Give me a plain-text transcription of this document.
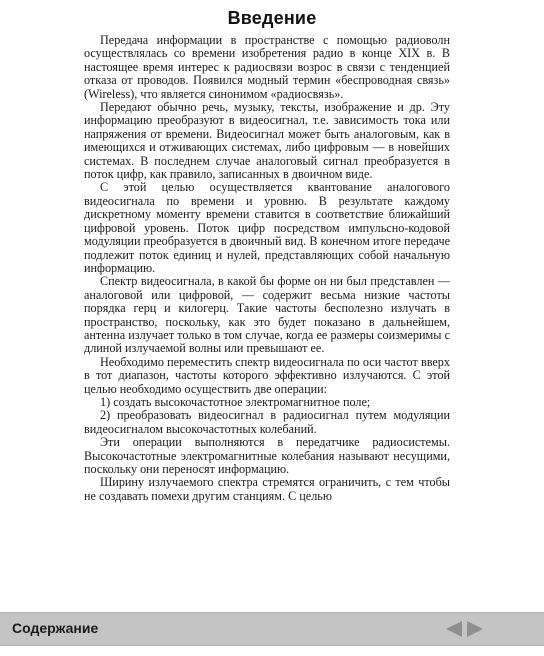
Введение

Передача информации в пространстве с помощью радиоволн осуществлялась со времени изобретения радио в конце XIX в. В настоящее время интерес к радиосвязи возрос в связи с тенденцией отказа от проводов. Появился модный термин «беспроводная связь» (Wireless), что является синонимом «радиосвязь».

Передают обычно речь, музыку, тексты, изображение и др. Эту информацию преобразуют в видеосигнал, т.е. зависимость тока или напряжения от времени. Видеосигнал может быть аналоговым, как в имеющихся и отживающих системах, либо цифровым — в новейших системах. В последнем случае аналоговый сигнал преобразуется в поток цифр, как правило, записанных в двоичном виде.

С этой целью осуществляется квантование аналогового видеосигнала по времени и уровню. В результате каждому дискретному моменту времени ставится в соответствие ближайший цифровой уровень. Поток цифр посредством импульсно-кодовой модуляции преобразуется в двоичный вид. В конечном итоге передаче подлежит поток единиц и нулей, представляющих собой начальную информацию.

Спектр видеосигнала, в какой бы форме он ни был представлен — аналоговой или цифровой, — содержит весьма низкие частоты порядка герц и килогерц. Такие частоты бесполезно излучать в пространство, поскольку, как это будет показано в дальнейшем, антенна излучает только в том случае, когда ее размеры соизмеримы с длиной излучаемой волны или превышают ее.

Необходимо переместить спектр видеосигнала по оси частот вверх в тот диапазон, частоты которого эффективно излучаются. С этой целью необходимо осуществить две операции:

1) создать высокочастотное электромагнитное поле;

2) преобразовать видеосигнал в радиосигнал путем модуляции видеосигналом высокочастотных колебаний.

Эти операции выполняются в передатчике радиосистемы. Высокочастотные электромагнитные колебания называют несущими, поскольку они переносят информацию.

Ширину излучаемого спектра стремятся ограничить, с тем чтобы не создавать помехи другим станциям. С целью

Содержание
